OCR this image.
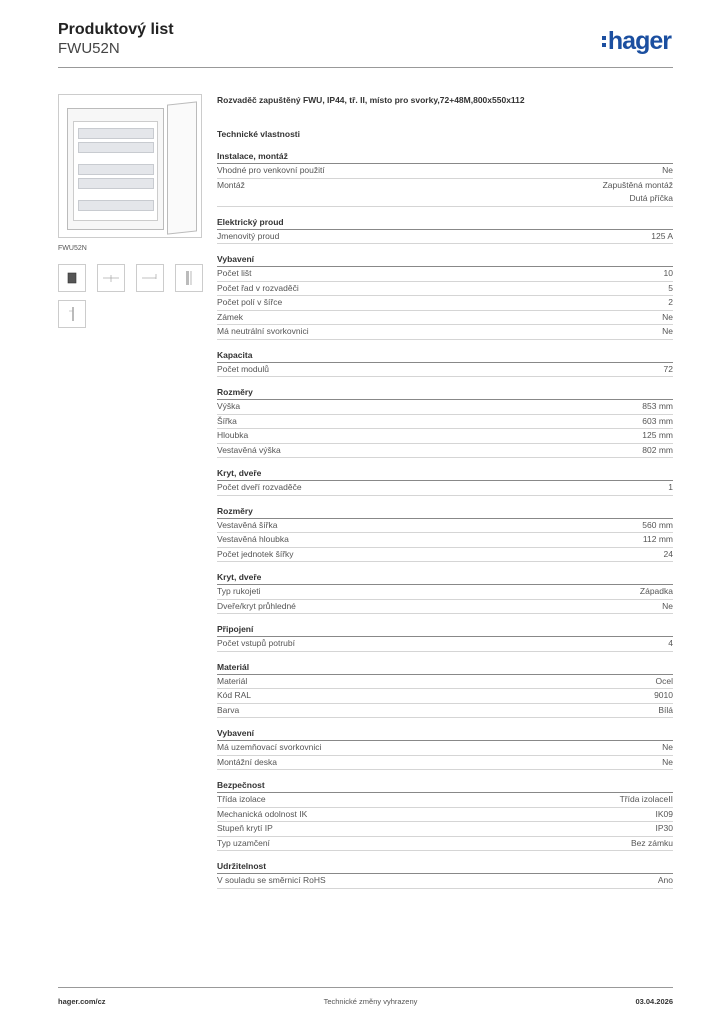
Produktový list
FWU52N	hager
FWU52N
Rozvaděč zapuštěný FWU, IP44, tř. II, místo pro svorky,72+48M,800x550x112
Technické vlastnosti
Instalace, montáž
Vhodné pro venkovní použití	Ne
Montáž	Zapuštěná montáž
Dutá příčka
Elektrický proud
Jmenovitý proud	125 A
Vybavení
Počet lišt	10
Počet řad v rozvaděči	5
Počet polí v šířce	2
Zámek	Ne
Má neutrální svorkovnici	Ne
Kapacita
Počet modulů	72
Rozměry
Výška	853 mm
Šířka	603 mm
Hloubka	125 mm
Vestavěná výška	802 mm
Kryt, dveře
Počet dveří rozvaděče	1
Rozměry
Vestavěná šířka	560 mm
Vestavěná hloubka	112 mm
Počet jednotek šířky	24
Kryt, dveře
Typ rukojeti	Západka
Dveře/kryt průhledné	Ne
Připojení
Počet vstupů potrubí	4
Materiál
Materiál	Ocel
Kód RAL	9010
Barva	Bílá
Vybavení
Má uzemňovací svorkovnici	Ne
Montážní deska	Ne
Bezpečnost
Třída izolace	Třída izolaceII
Mechanická odolnost IK	IK09
Stupeň krytí IP	IP30
Typ uzamčení	Bez zámku
Udržitelnost
V souladu se směrnicí RoHS	Ano
hager.com/cz	Technické změny vyhrazeny	03.04.2026
